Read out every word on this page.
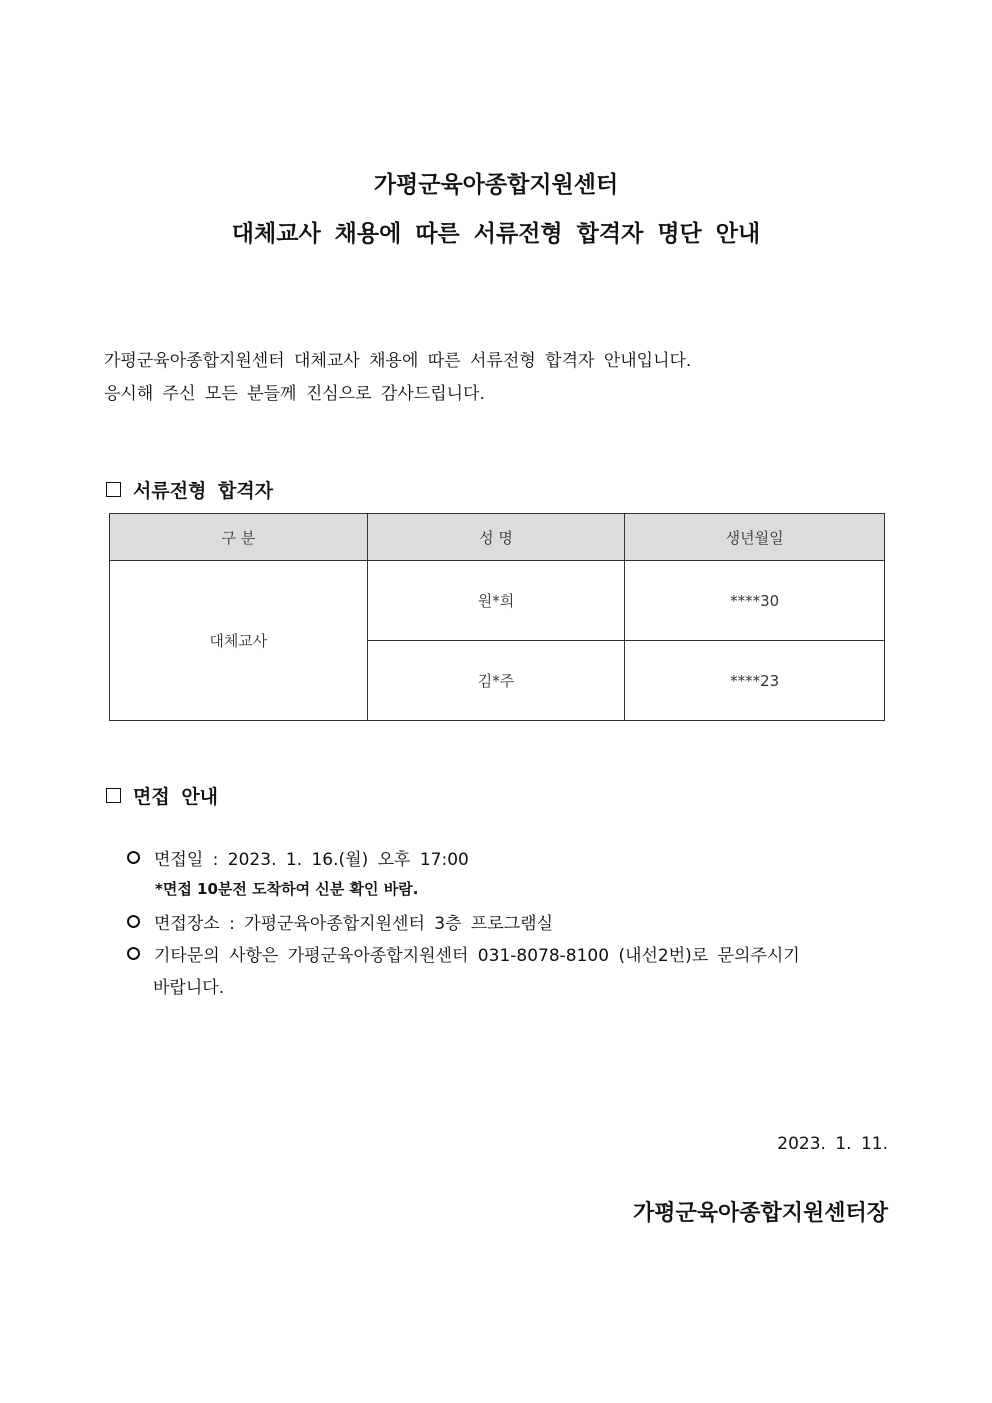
가평군육아종합지원센터
대체교사 채용에 따른 서류전형 합격자 명단 안내
가평군육아종합지원센터 대체교사 채용에 따른 서류전형 합격자 안내입니다.
응시해 주신 모든 분들께 진심으로 감사드립니다.
서류전형 합격자
구 분	성 명	생년월일
대체교사	원*희	****30
	김*주	****23
면접 안내
면접일 : 2023. 1. 16.(월) 오후 17:00
*면접 10분전 도착하여 신분 확인 바람.
면접장소 : 가평군육아종합지원센터 3층 프로그램실
기타문의 사항은 가평군육아종합지원센터 031-8078-8100 (내선2번)로 문의주시기
바랍니다.
2023. 1. 11.
가평군육아종합지원센터장
